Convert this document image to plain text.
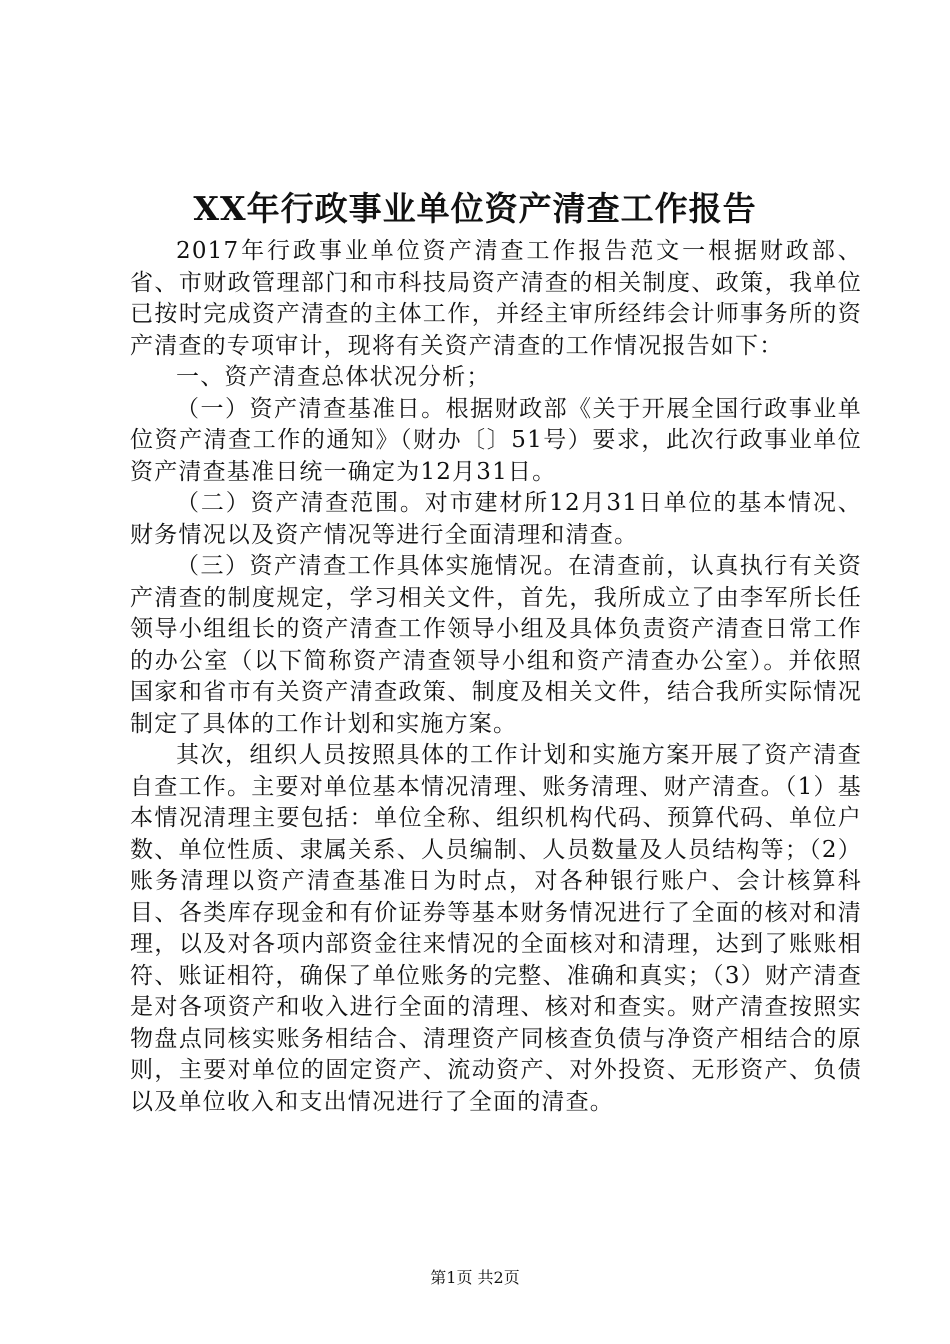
XX年行政事业单位资产清查工作报告

2017年行政事业单位资产清查工作报告范文一根据财政部、省、市财政管理部门和市科技局资产清查的相关制度、政策，我单位已按时完成资产清查的主体工作，并经主审所经纬会计师事务所的资产清查的专项审计，现将有关资产清查的工作情况报告如下：

一、资产清查总体状况分析；

（一）资产清查基准日。根据财政部《关于开展全国行政事业单位资产清查工作的通知》（财办〔〕51号）要求，此次行政事业单位资产清查基准日统一确定为12月31日。

（二）资产清查范围。对市建材所12月31日单位的基本情况、财务情况以及资产情况等进行全面清理和清查。

（三）资产清查工作具体实施情况。在清查前，认真执行有关资产清查的制度规定，学习相关文件，首先，我所成立了由李军所长任领导小组组长的资产清查工作领导小组及具体负责资产清查日常工作的办公室（以下简称资产清查领导小组和资产清查办公室）。并依照国家和省市有关资产清查政策、制度及相关文件，结合我所实际情况制定了具体的工作计划和实施方案。

其次，组织人员按照具体的工作计划和实施方案开展了资产清查自查工作。主要对单位基本情况清理、账务清理、财产清查。（1）基本情况清理主要包括：单位全称、组织机构代码、预算代码、单位户数、单位性质、隶属关系、人员编制、人员数量及人员结构等；（2）账务清理以资产清查基准日为时点，对各种银行账户、会计核算科目、各类库存现金和有价证券等基本财务情况进行了全面的核对和清理，以及对各项内部资金往来情况的全面核对和清理，达到了账账相符、账证相符，确保了单位账务的完整、准确和真实；（3）财产清查是对各项资产和收入进行全面的清理、核对和查实。财产清查按照实物盘点同核实账务相结合、清理资产同核查负债与净资产相结合的原则，主要对单位的固定资产、流动资产、对外投资、无形资产、负债以及单位收入和支出情况进行了全面的清查。

第1页 共2页
